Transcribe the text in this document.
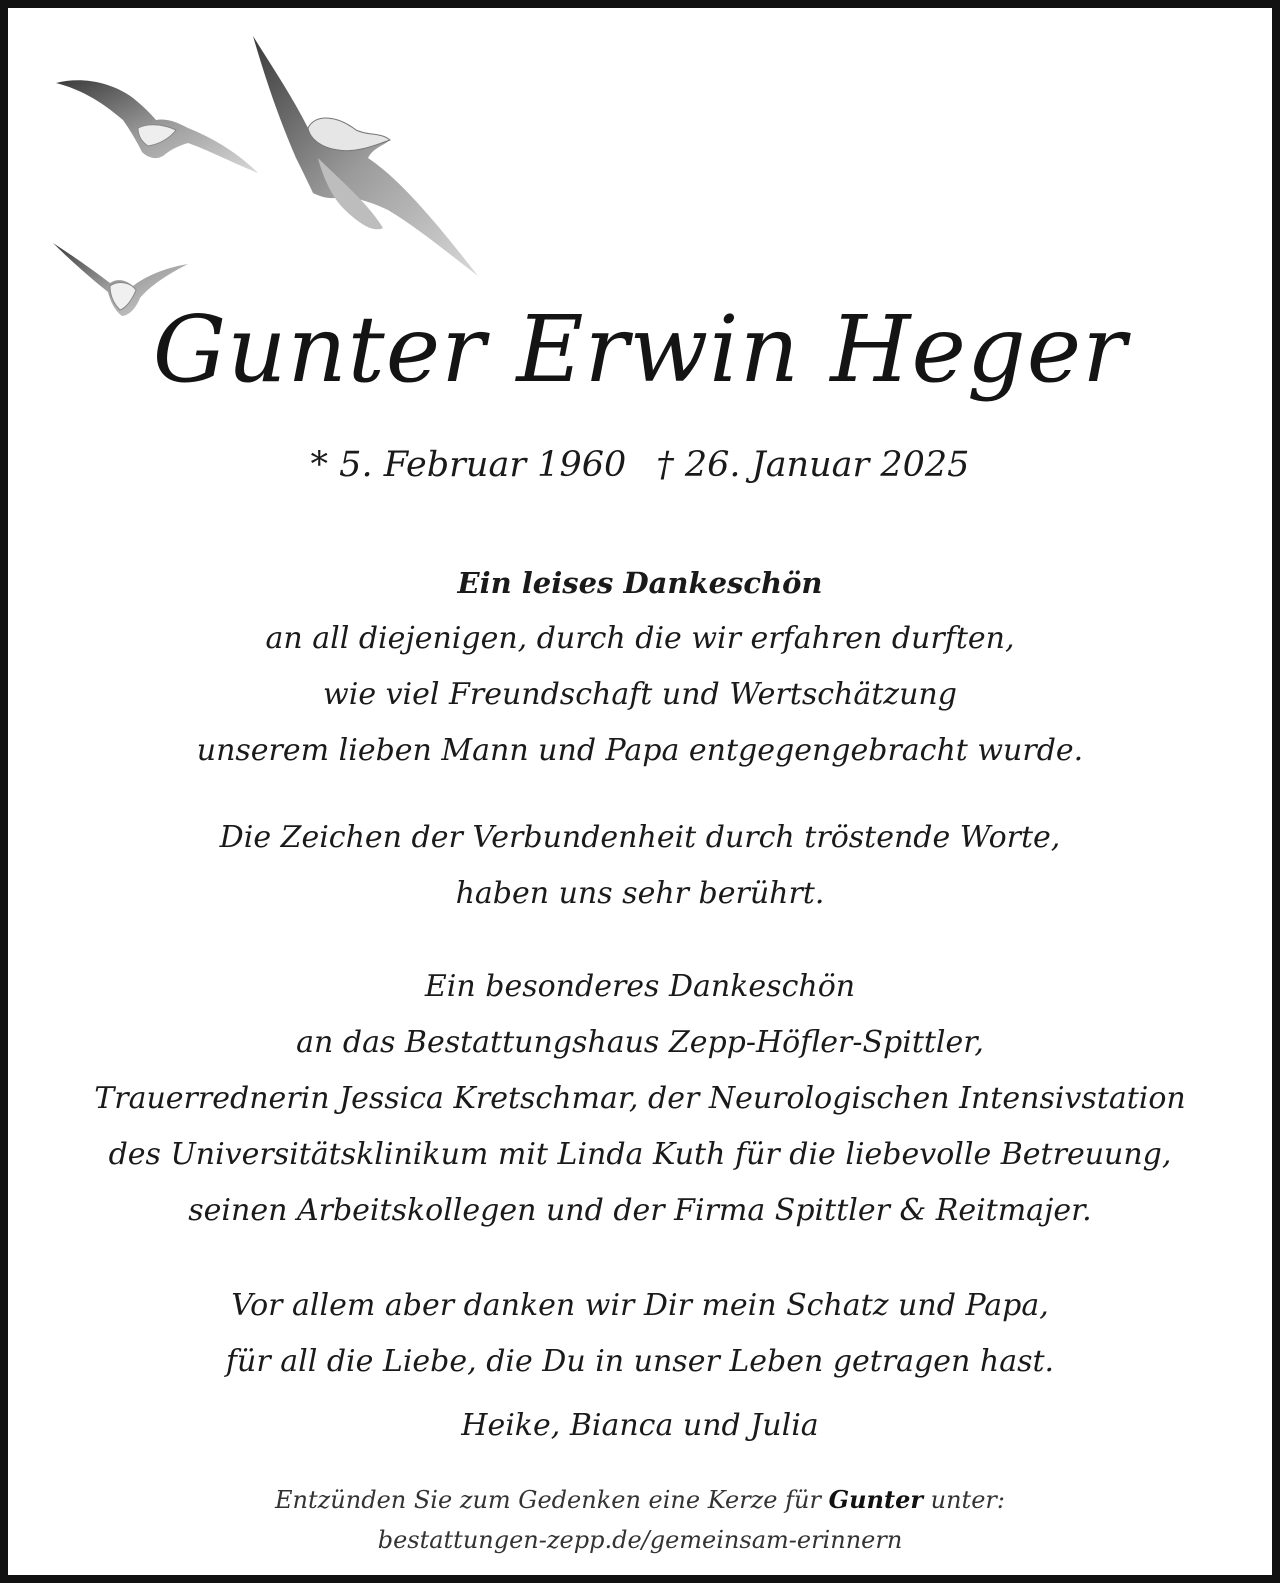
Gunter Erwin Heger
* 5. Februar 1960 † 26. Januar 2025
Ein leises Dankeschön
an all diejenigen, durch die wir erfahren durften,
wie viel Freundschaft und Wertschätzung
unserem lieben Mann und Papa entgegengebracht wurde.
Die Zeichen der Verbundenheit durch tröstende Worte,
haben uns sehr berührt.
Ein besonderes Dankeschön
an das Bestattungshaus Zepp-Höfler-Spittler,
Trauerrednerin Jessica Kretschmar, der Neurologischen Intensivstation
des Universitätsklinikum mit Linda Kuth für die liebevolle Betreuung,
seinen Arbeitskollegen und der Firma Spittler & Reitmajer.
Vor allem aber danken wir Dir mein Schatz und Papa,
für all die Liebe, die Du in unser Leben getragen hast.
Heike, Bianca und Julia
Entzünden Sie zum Gedenken eine Kerze für Gunter unter:
bestattungen-zepp.de/gemeinsam-erinnern
